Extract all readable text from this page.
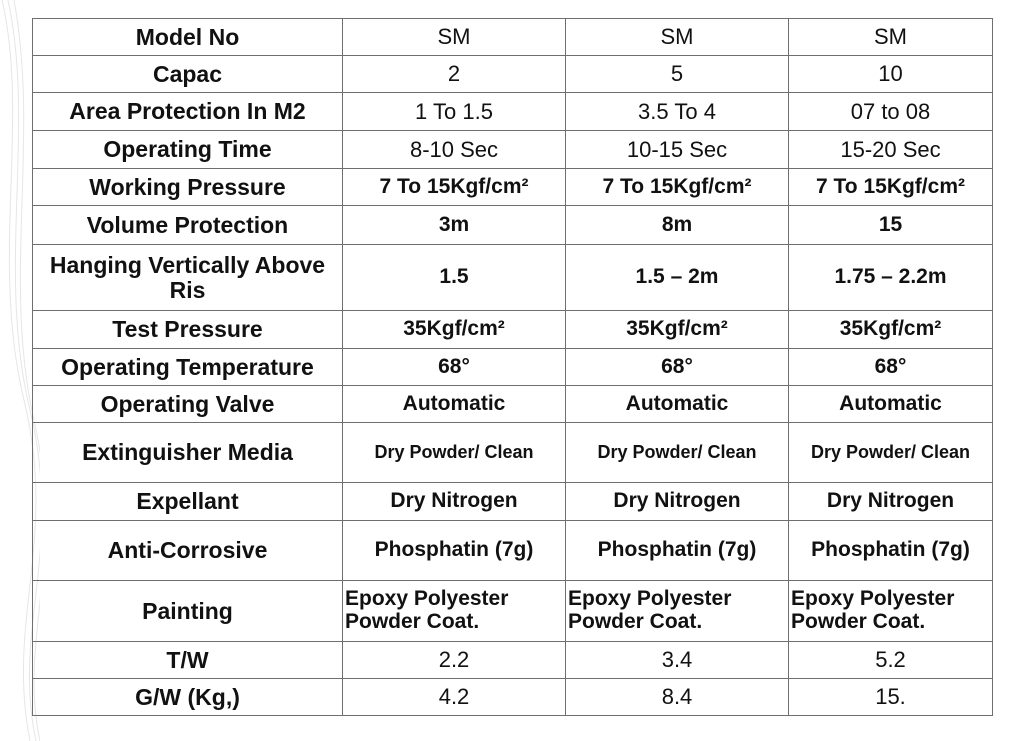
Model No	SM	SM	SM
Capac	2	5	10
Area Protection In M2	1 To 1.5	3.5 To 4	07 to 08
Operating Time	8-10 Sec	10-15 Sec	15-20 Sec
Working Pressure	7 To 15Kgf/cm²	7 To 15Kgf/cm²	7 To 15Kgf/cm²
Volume Protection	3m	8m	15
Hanging Vertically Above Ris	1.5	1.5 – 2m	1.75 – 2.2m
Test Pressure	35Kgf/cm²	35Kgf/cm²	35Kgf/cm²
Operating Temperature	68°	68°	68°
Operating Valve	Automatic	Automatic	Automatic
Extinguisher Media	Dry Powder/ Clean	Dry Powder/ Clean	Dry Powder/ Clean
Expellant	Dry Nitrogen	Dry Nitrogen	Dry Nitrogen
Anti-Corrosive	Phosphatin (7g)	Phosphatin (7g)	Phosphatin (7g)
Painting	Epoxy Polyester Powder Coat.	Epoxy Polyester Powder Coat.	Epoxy Polyester Powder Coat.
T/W	2.2	3.4	5.2
G/W (Kg,)	4.2	8.4	15.
